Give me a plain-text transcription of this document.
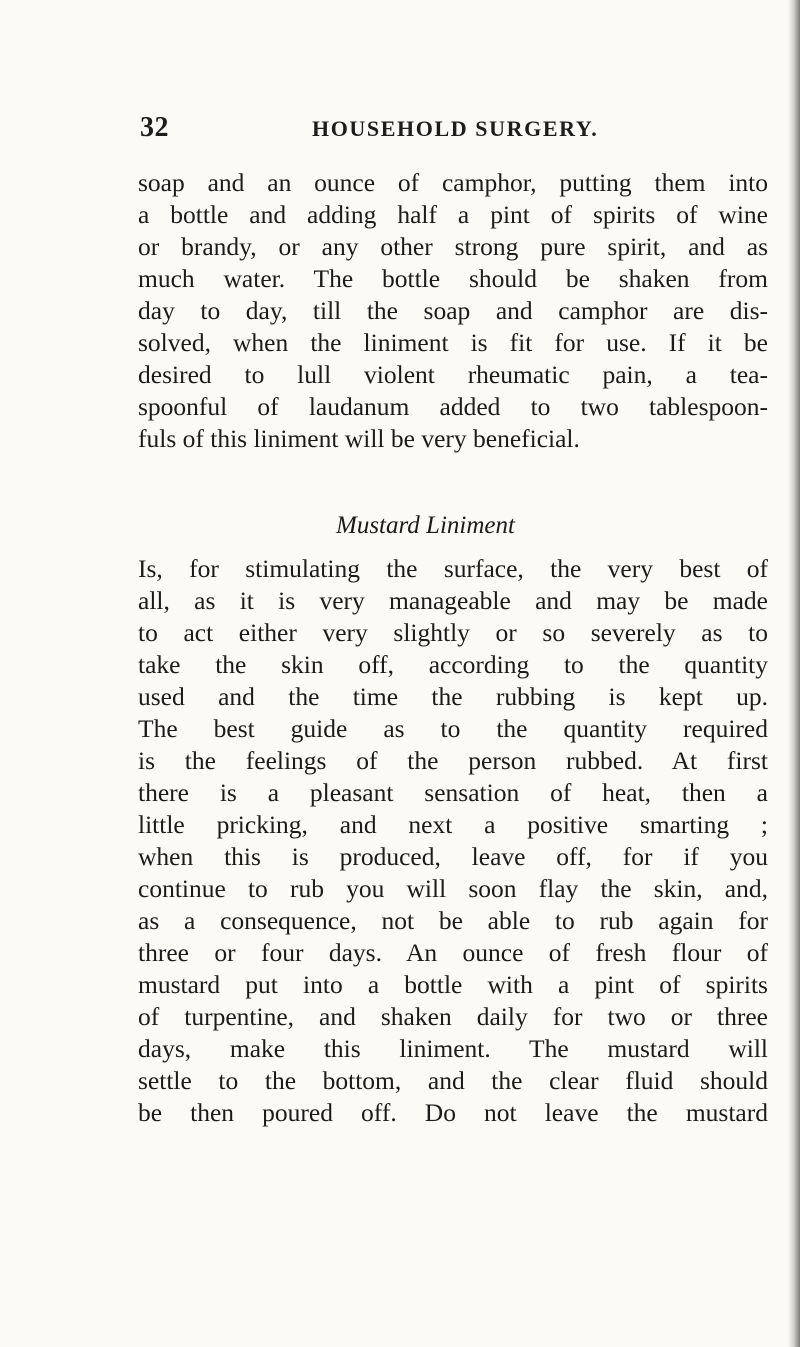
32	HOUSEHOLD SURGERY.
soap and an ounce of camphor, putting them into
a bottle and adding half a pint of spirits of wine
or brandy, or any other strong pure spirit, and as
much water. The bottle should be shaken from
day to day, till the soap and camphor are dis-
solved, when the liniment is fit for use. If it be
desired to lull violent rheumatic pain, a tea-
spoonful of laudanum added to two tablespoon-
fuls of this liniment will be very beneficial.
Mustard Liniment
Is, for stimulating the surface, the very best of
all, as it is very manageable and may be made
to act either very slightly or so severely as to
take the skin off, according to the quantity
used and the time the rubbing is kept up.
The best guide as to the quantity required
is the feelings of the person rubbed. At first
there is a pleasant sensation of heat, then a
little pricking, and next a positive smarting ;
when this is produced, leave off, for if you
continue to rub you will soon flay the skin, and,
as a consequence, not be able to rub again for
three or four days. An ounce of fresh flour of
mustard put into a bottle with a pint of spirits
of turpentine, and shaken daily for two or three
days, make this liniment. The mustard will
settle to the bottom, and the clear fluid should
be then poured off. Do not leave the mustard
